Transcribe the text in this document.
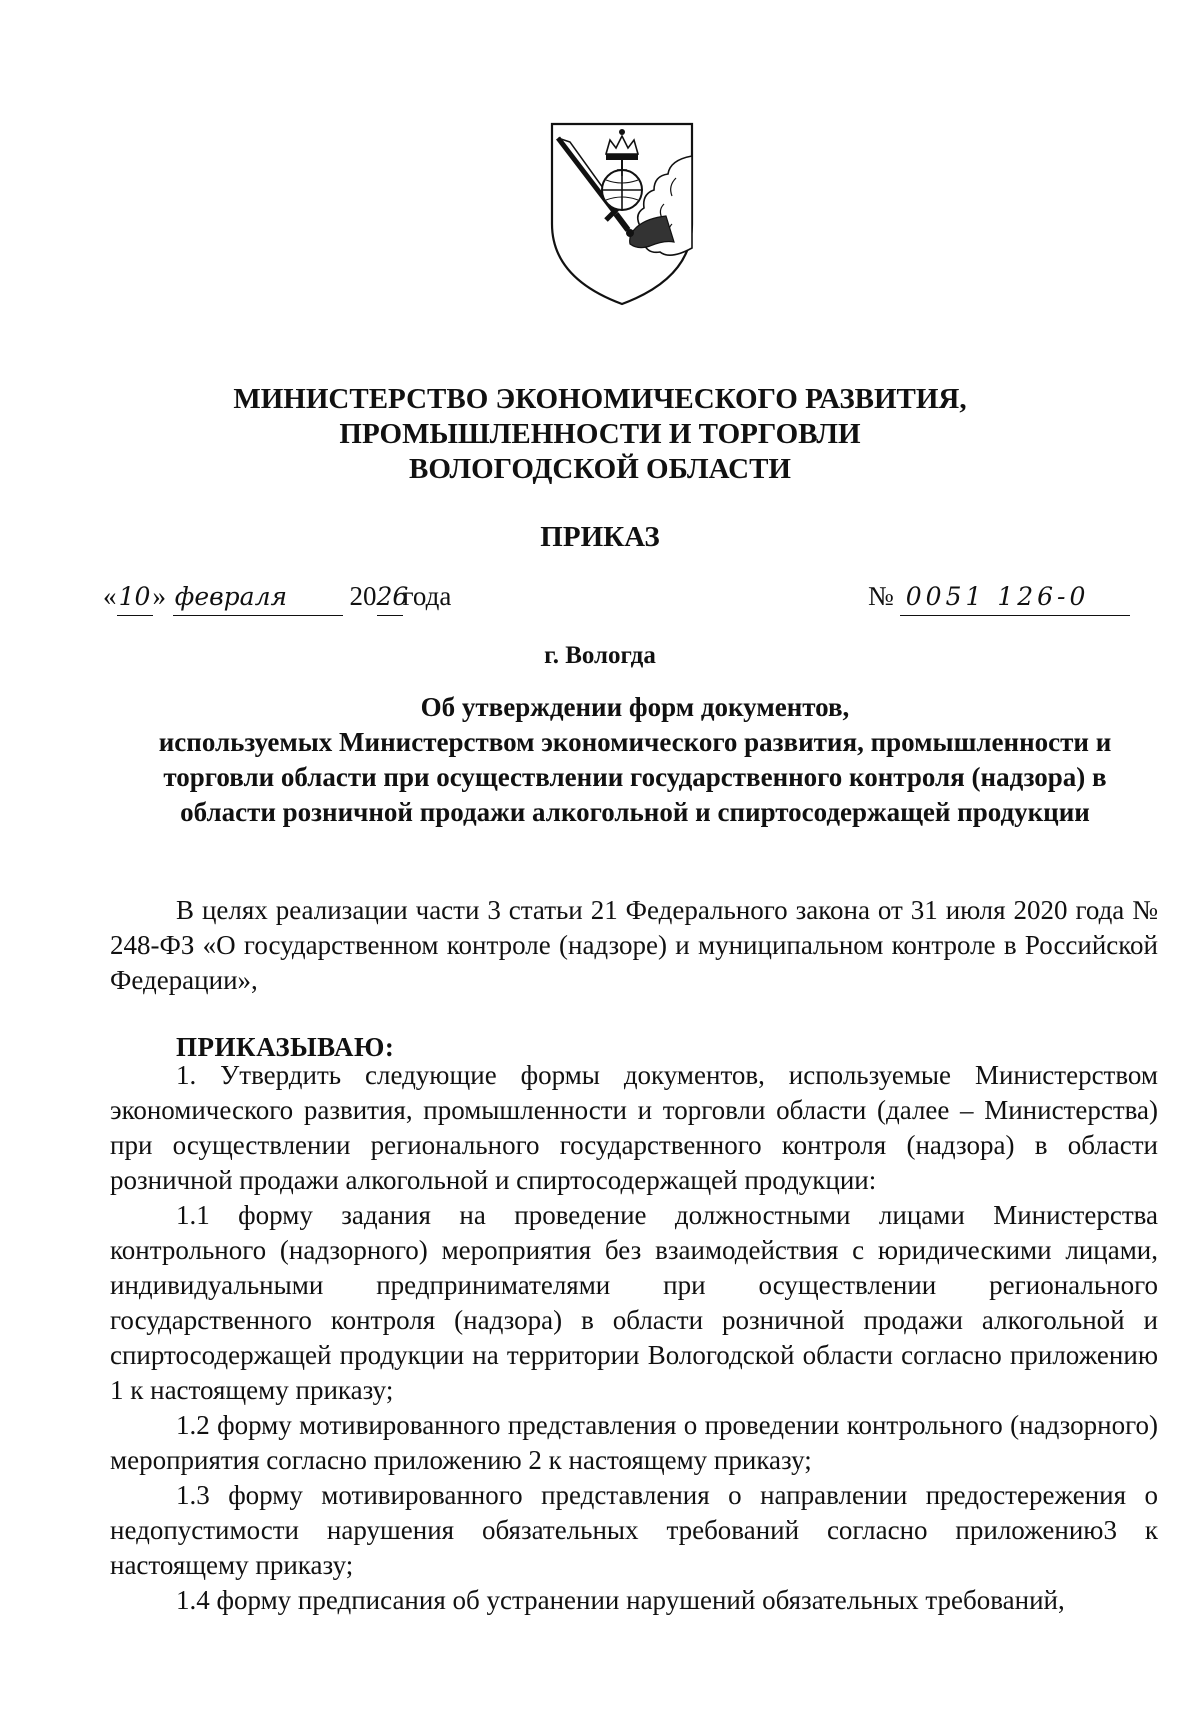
МИНИСТЕРСТВО ЭКОНОМИЧЕСКОГО РАЗВИТИЯ,
ПРОМЫШЛЕННОСТИ И ТОРГОВЛИ
ВОЛОГОДСКОЙ ОБЛАСТИ
ПРИКАЗ
«10» февраля 2026года	№ 0051 126-0
г. Вологда
Об утверждении форм документов,
используемых Министерством экономического развития, промышленности и
торговли области при осуществлении государственного контроля (надзора) в
области розничной продажи алкогольной и спиртосодержащей продукции

В целях реализации части 3 статьи 21 Федерального закона от 31 июля 2020 года № 248-ФЗ «О государственном контроле (надзоре) и муниципальном контроле в Российской Федерации»,

ПРИКАЗЫВАЮ:

1. Утвердить следующие формы документов, используемые Министерством экономического развития, промышленности и торговли области (далее – Министерства) при осуществлении регионального государственного контроля (надзора) в области розничной продажи алкогольной и спиртосодержащей продукции:

1.1 форму задания на проведение должностными лицами Министерства контрольного (надзорного) мероприятия без взаимодействия с юридическими лицами, индивидуальными предпринимателями при осуществлении регионального государственного контроля (надзора) в области розничной продажи алкогольной и спиртосодержащей продукции на территории Вологодской области согласно приложению 1 к настоящему приказу;

1.2 форму мотивированного представления о проведении контрольного (надзорного) мероприятия согласно приложению 2 к настоящему приказу;

1.3 форму мотивированного представления о направлении предостережения о недопустимости нарушения обязательных требований согласно приложению3 к настоящему приказу;

1.4 форму предписания об устранении нарушений обязательных требований,
